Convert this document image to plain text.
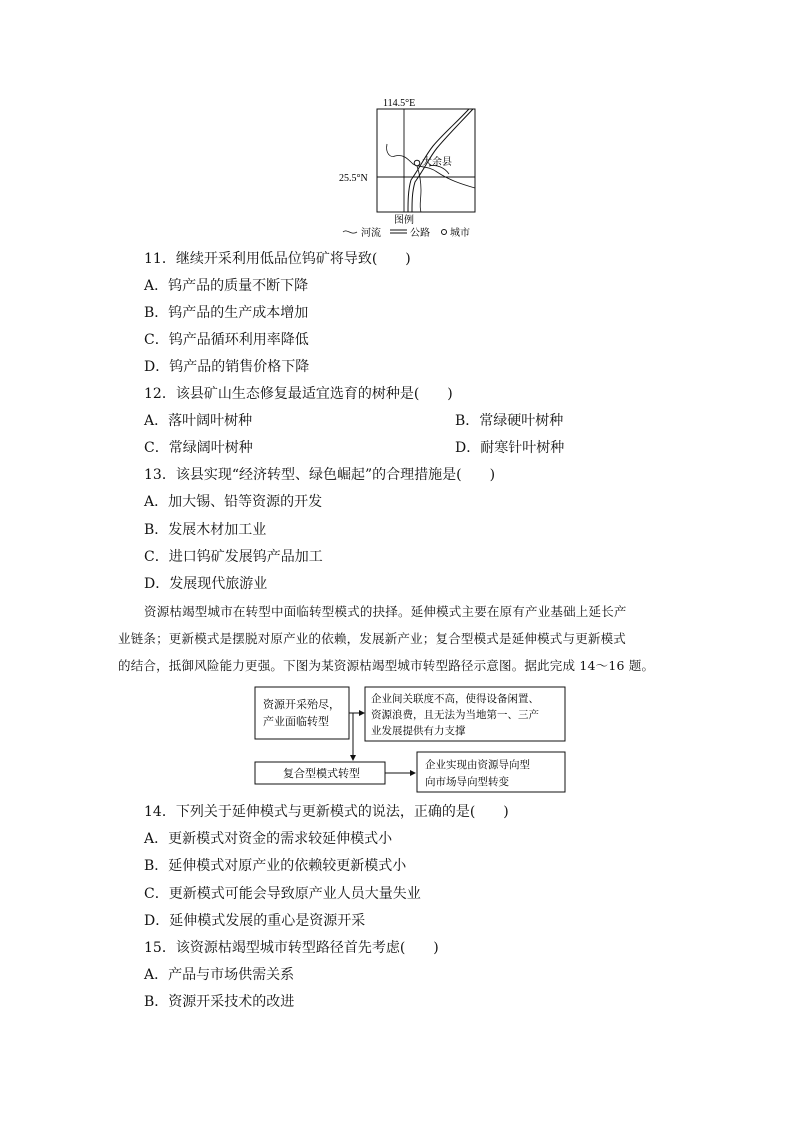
114.5°E
大余县
25.5°N
图例
河流	公路 城市
11．继续开采利用低品位钨矿将导致(　　)
A．钨产品的质量不断下降
B．钨产品的生产成本增加
C．钨产品循环利用率降低
D．钨产品的销售价格下降
12．该县矿山生态修复最适宜选育的树种是(　　)
A．落叶阔叶树种	B．常绿硬叶树种
C．常绿阔叶树种	D．耐寒针叶树种
13．该县实现“经济转型、绿色崛起”的合理措施是(　　)
A．加大锡、铅等资源的开发
B．发展木材加工业
C．进口钨矿发展钨产品加工
D．发展现代旅游业
资源枯竭型城市在转型中面临转型模式的抉择。延伸模式主要在原有产业基础上延长产
业链条；更新模式是摆脱对原产业的依赖，发展新产业；复合型模式是延伸模式与更新模式
的结合，抵御风险能力更强。下图为某资源枯竭型城市转型路径示意图。据此完成 14～16 题。
资源开采殆尽，
产业面临转型
企业间关联度不高，使得设备闲置、
资源浪费，且无法为当地第一、三产
业发展提供有力支撑
复合型模式转型
企业实现由资源导向型
向市场导向型转变
14．下列关于延伸模式与更新模式的说法，正确的是(　　)
A．更新模式对资金的需求较延伸模式小
B．延伸模式对原产业的依赖较更新模式小
C．更新模式可能会导致原产业人员大量失业
D．延伸模式发展的重心是资源开采
15．该资源枯竭型城市转型路径首先考虑(　　)
A．产品与市场供需关系
B．资源开采技术的改进
